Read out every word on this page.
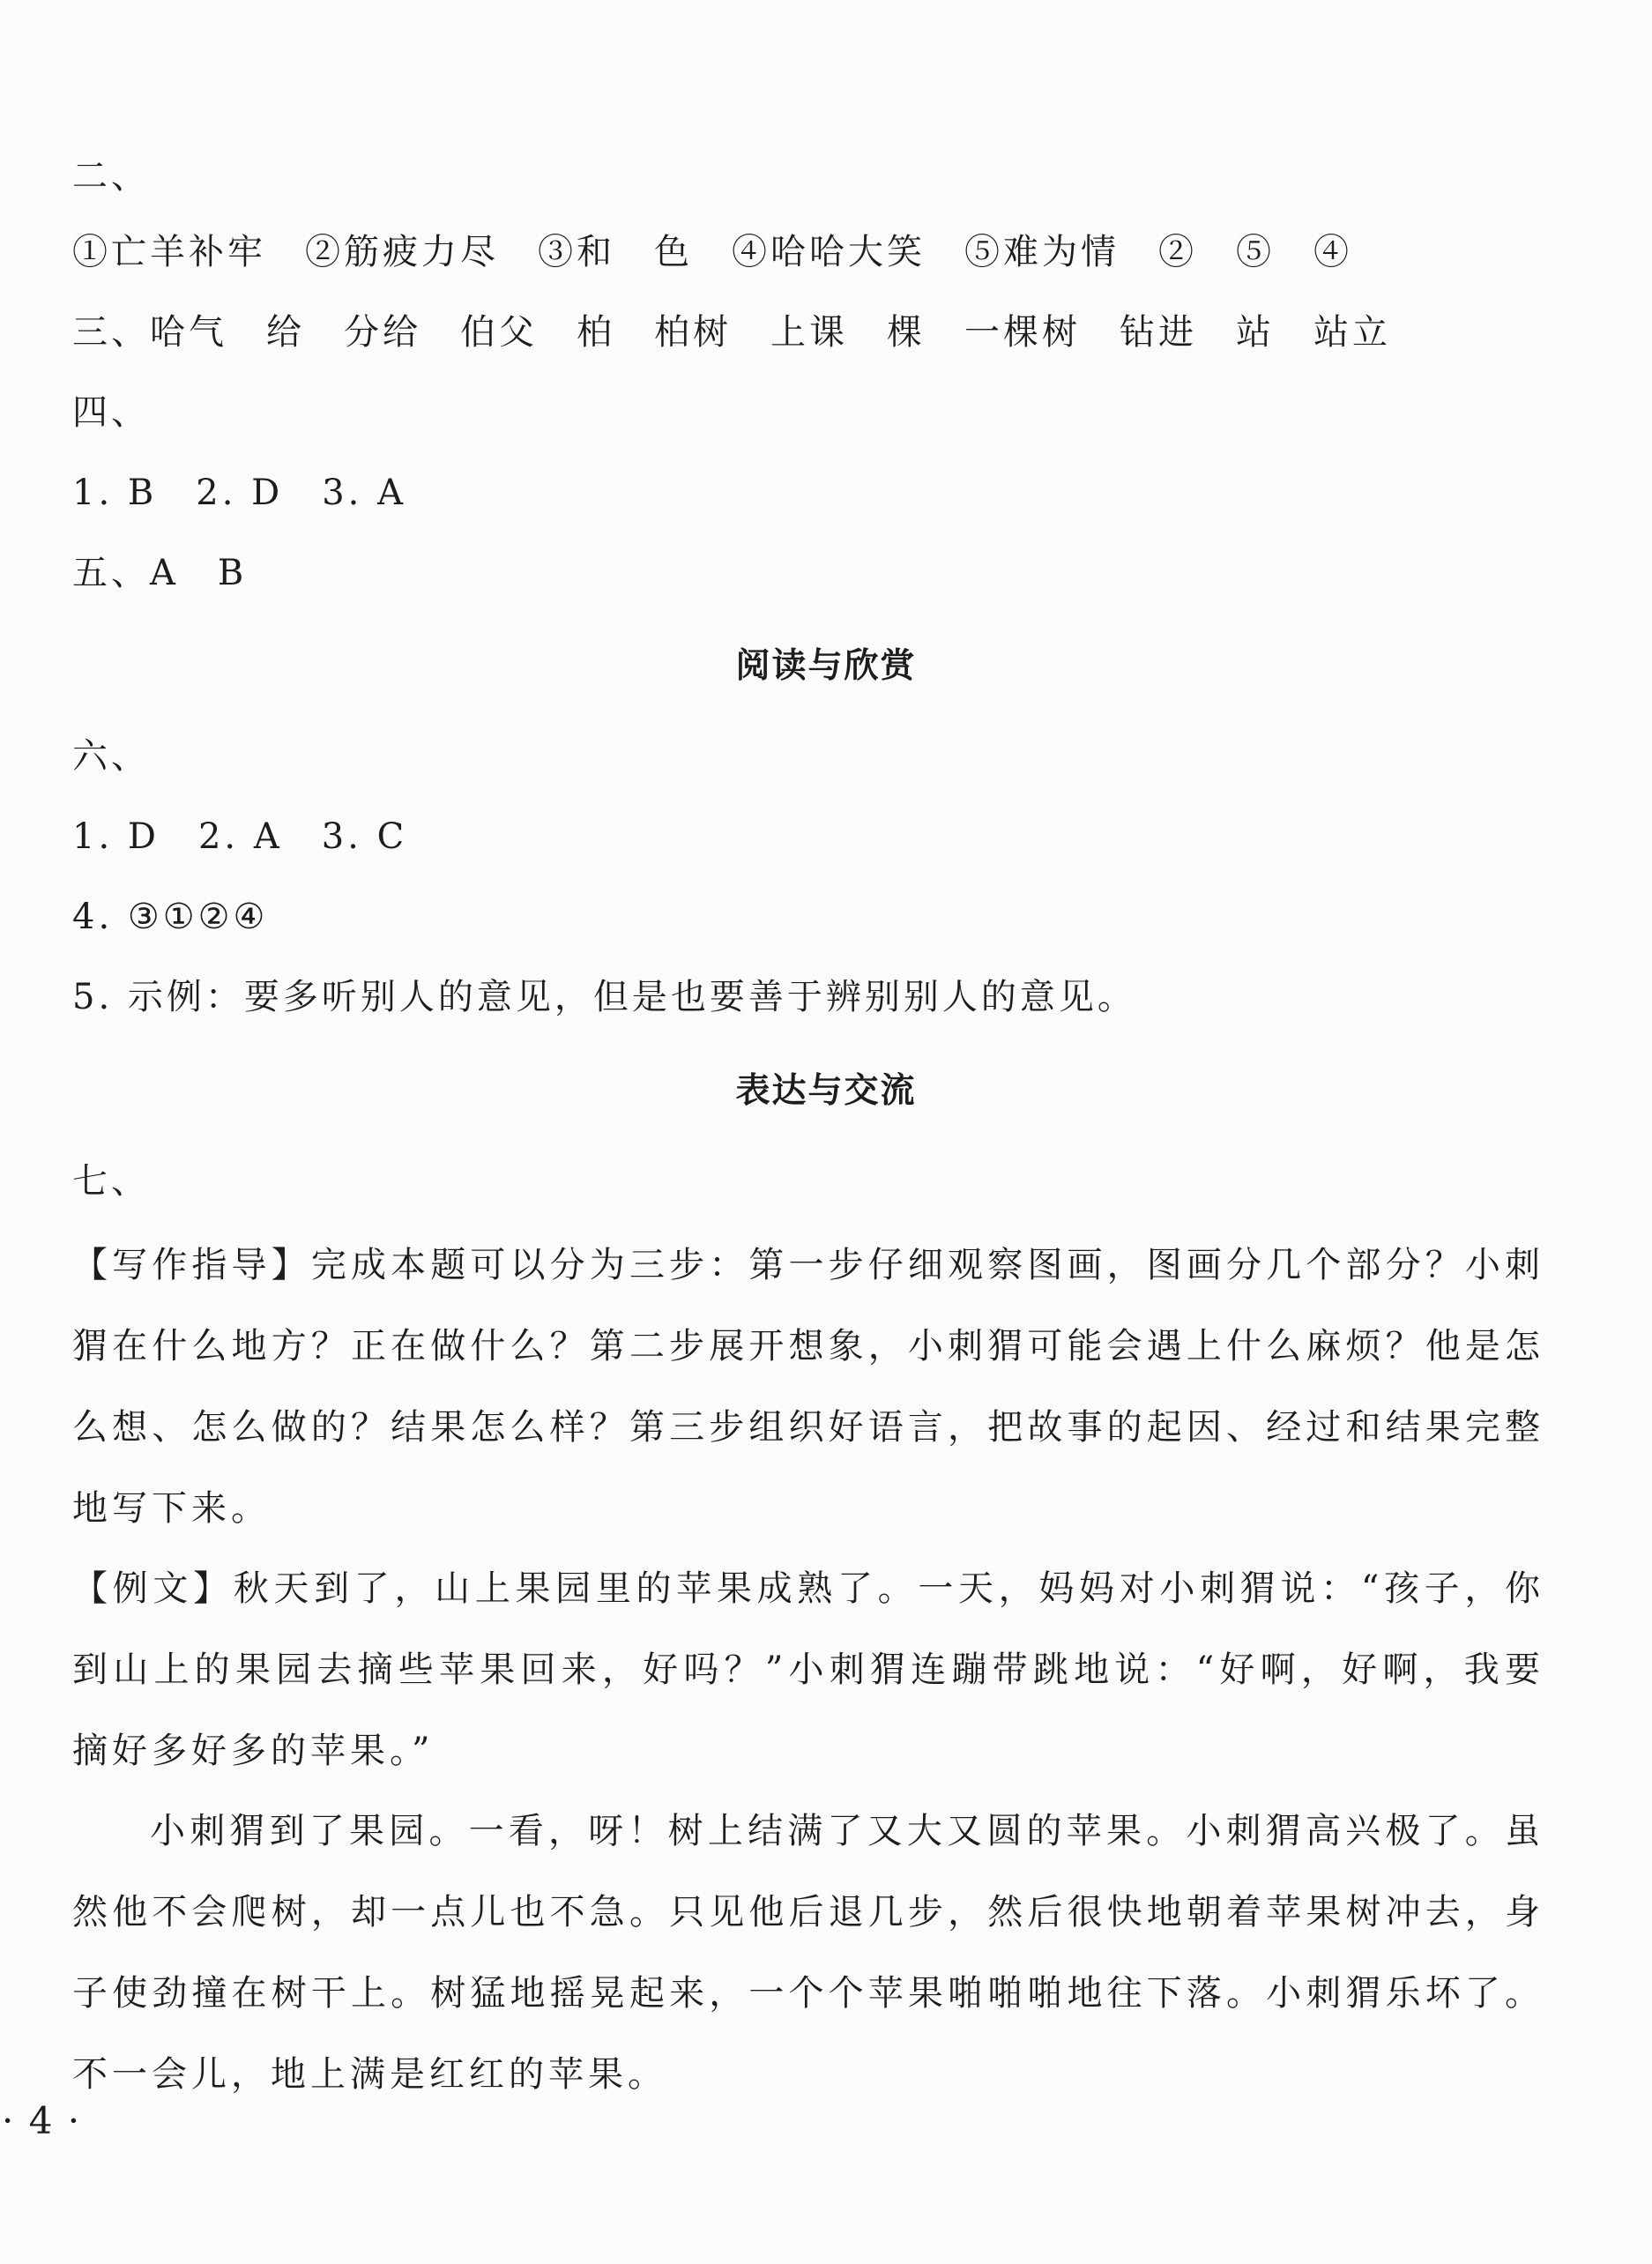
二、
①亡羊补牢　②筋疲力尽　③和　色　④哈哈大笑　⑤难为情　②　⑤　④
三、哈气　给　分给　伯父　柏　柏树　上课　棵　一棵树　钻进　站　站立
四、
1. B　2. D　3. A
五、A　B
阅读与欣赏
六、
1. D　2. A　3. C
4. ③①②④
5. 示例：要多听别人的意见，但是也要善于辨别别人的意见。
表达与交流
七、
【写作指导】完成本题可以分为三步：第一步仔细观察图画，图画分几个部分？小刺猬在什么地方？正在做什么？第二步展开想象，小刺猬可能会遇上什么麻烦？他是怎么想、怎么做的？结果怎么样？第三步组织好语言，把故事的起因、经过和结果完整地写下来。
【例文】秋天到了，山上果园里的苹果成熟了。一天，妈妈对小刺猬说：“孩子，你到山上的果园去摘些苹果回来，好吗？”小刺猬连蹦带跳地说：“好啊，好啊，我要摘好多好多的苹果。”
小刺猬到了果园。一看，呀！树上结满了又大又圆的苹果。小刺猬高兴极了。虽然他不会爬树，却一点儿也不急。只见他后退几步，然后很快地朝着苹果树冲去，身子使劲撞在树干上。树猛地摇晃起来，一个个苹果啪啪啪地往下落。小刺猬乐坏了。不一会儿，地上满是红红的苹果。
· 4 ·
